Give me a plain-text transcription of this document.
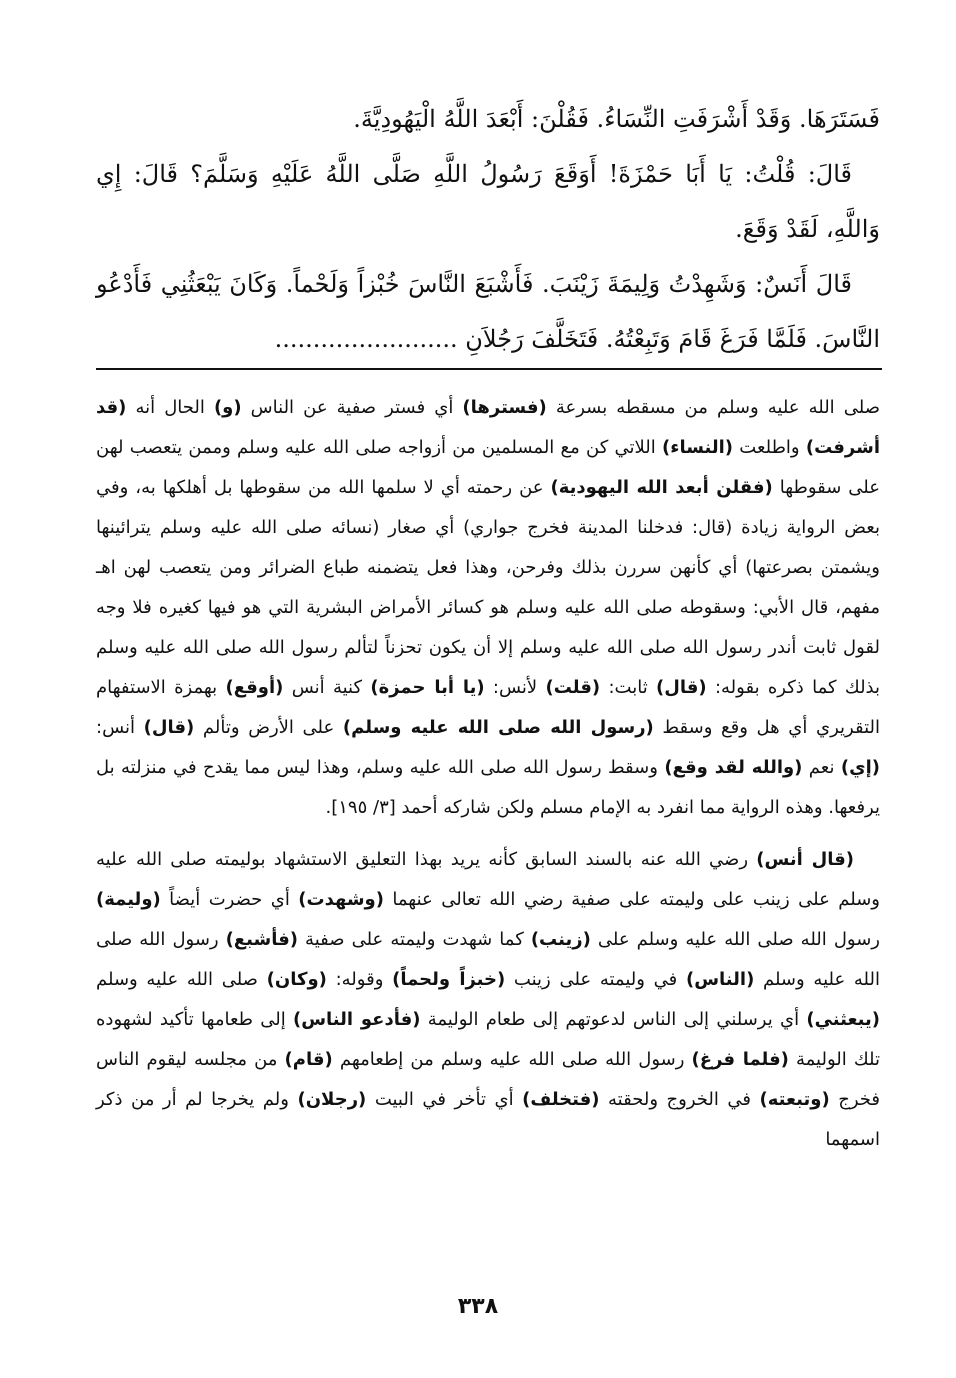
فَسَتَرَهَا. وَقَدْ أَشْرَفَتِ النِّسَاءُ. فَقُلْنَ: أَبْعَدَ اللَّهُ الْيَهُودِيَّةَ.

قَالَ: قُلْتُ: يَا أَبَا حَمْزَةَ! أَوَقَعَ رَسُولُ اللَّهِ صَلَّى اللَّهُ عَلَيْهِ وَسَلَّمَ؟ قَالَ: إِي وَاللَّهِ، لَقَدْ وَقَعَ.

قَالَ أَنَسٌ: وَشَهِدْتُ وَلِيمَةَ زَيْنَبَ. فَأَشْبَعَ النَّاسَ خُبْزاً وَلَحْماً. وَكَانَ يَبْعَثُنِي فَأَدْعُو النَّاسَ. فَلَمَّا فَرَغَ قَامَ وَتَبِعْتُهُ. فَتَخَلَّفَ رَجُلاَنِ ........................

صلى الله عليه وسلم من مسقطه بسرعة (فسترها) أي فستر صفية عن الناس (و) الحال أنه (قد أشرفت) واطلعت (النساء) اللاتي كن مع المسلمين من أزواجه صلى الله عليه وسلم وممن يتعصب لهن على سقوطها (فقلن أبعد الله اليهودية) عن رحمته أي لا سلمها الله من سقوطها بل أهلكها به، وفي بعض الرواية زيادة (قال: فدخلنا المدينة فخرج جواري) أي صغار (نسائه صلى الله عليه وسلم يترائينها ويشمتن بصرعتها) أي كأنهن سررن بذلك وفرحن، وهذا فعل يتضمنه طباع الضرائر ومن يتعصب لهن اهـ مفهم، قال الأبي: وسقوطه صلى الله عليه وسلم هو كسائر الأمراض البشرية التي هو فيها كغيره فلا وجه لقول ثابت أندر رسول الله صلى الله عليه وسلم إلا أن يكون تحزناً لتألم رسول الله صلى الله عليه وسلم بذلك كما ذكره بقوله: (قال) ثابت: (قلت) لأنس: (يا أبا حمزة) كنية أنس (أوقع) بهمزة الاستفهام التقريري أي هل وقع وسقط (رسول الله صلى الله عليه وسلم) على الأرض وتألم (قال) أنس: (إي) نعم (والله لقد وقع) وسقط رسول الله صلى الله عليه وسلم، وهذا ليس مما يقدح في منزلته بل يرفعها. وهذه الرواية مما انفرد به الإمام مسلم ولكن شاركه أحمد [٣/ ١٩٥].

(قال أنس) رضي الله عنه بالسند السابق كأنه يريد بهذا التعليق الاستشهاد بوليمته صلى الله عليه وسلم على زينب على وليمته على صفية رضي الله تعالى عنهما (وشهدت) أي حضرت أيضاً (وليمة) رسول الله صلى الله عليه وسلم على (زينب) كما شهدت وليمته على صفية (فأشبع) رسول الله صلى الله عليه وسلم (الناس) في وليمته على زينب (خبزاً ولحماً) وقوله: (وكان) صلى الله عليه وسلم (يبعثني) أي يرسلني إلى الناس لدعوتهم إلى طعام الوليمة (فأدعو الناس) إلى طعامها تأكيد لشهوده تلك الوليمة (فلما فرغ) رسول الله صلى الله عليه وسلم من إطعامهم (قام) من مجلسه ليقوم الناس فخرج (وتبعته) في الخروج ولحقته (فتخلف) أي تأخر في البيت (رجلان) ولم يخرجا لم أر من ذكر اسمهما

٣٣٨
